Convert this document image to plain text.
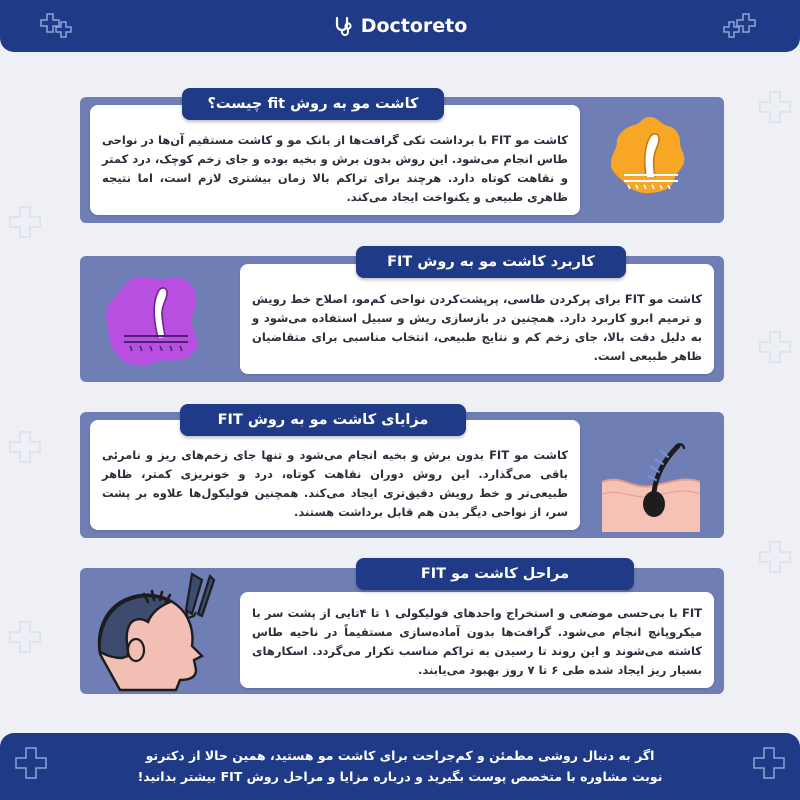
Doctoreto
کاشت مو FIT با برداشت تکی گرافت‌ها از بانک مو و کاشت مستقیم آن‌ها در نواحی طاس انجام می‌شود. این روش بدون برش و بخیه بوده و جای زخم کوچک، درد کمتر و نقاهت کوتاه دارد. هرچند برای تراکم بالا زمان بیشتری لازم است، اما نتیجه ظاهری طبیعی و یکنواخت ایجاد می‌کند.
کاشت مو به روش fit چیست؟
کاشت مو FIT برای پرکردن طاسی، پرپشت‌کردن نواحی کم‌مو، اصلاح خط رویش و ترمیم ابرو کاربرد دارد. همچنین در بازسازی ریش و سبیل استفاده می‌شود و به دلیل دقت بالا، جای زخم کم و نتایج طبیعی، انتخاب مناسبی برای متقاضیان ظاهر طبیعی است.
کاربرد کاشت مو به روش FIT
کاشت مو FIT بدون برش و بخیه انجام می‌شود و تنها جای زخم‌های ریز و نامرئی باقی می‌گذارد. این روش دوران نقاهت کوتاه، درد و خونریزی کمتر، ظاهر طبیعی‌تر و خط رویش دقیق‌تری ایجاد می‌کند. همچنین فولیکول‌ها علاوه بر پشت سر، از نواحی دیگر بدن هم قابل برداشت هستند.
مزایای کاشت مو به روش FIT
FIT با بی‌حسی موضعی و استخراج واحدهای فولیکولی ۱ تا ۴تایی از پشت سر با میکروپانچ انجام می‌شود. گرافت‌ها بدون آماده‌سازی مستقیماً در ناحیه طاس کاشته می‌شوند و این روند تا رسیدن به تراکم مناسب تکرار می‌گردد. اسکارهای بسیار ریز ایجاد شده طی ۶ تا ۷ روز بهبود می‌یابند.
مراحل کاشت مو FIT
اگر به دنبال روشی مطمئن و کم‌جراحت برای کاشت مو هستید، همین حالا از دکترتو
نوبت مشاوره با متخصص پوست بگیرید و درباره مزایا و مراحل روش FIT بیشتر بدانید!
